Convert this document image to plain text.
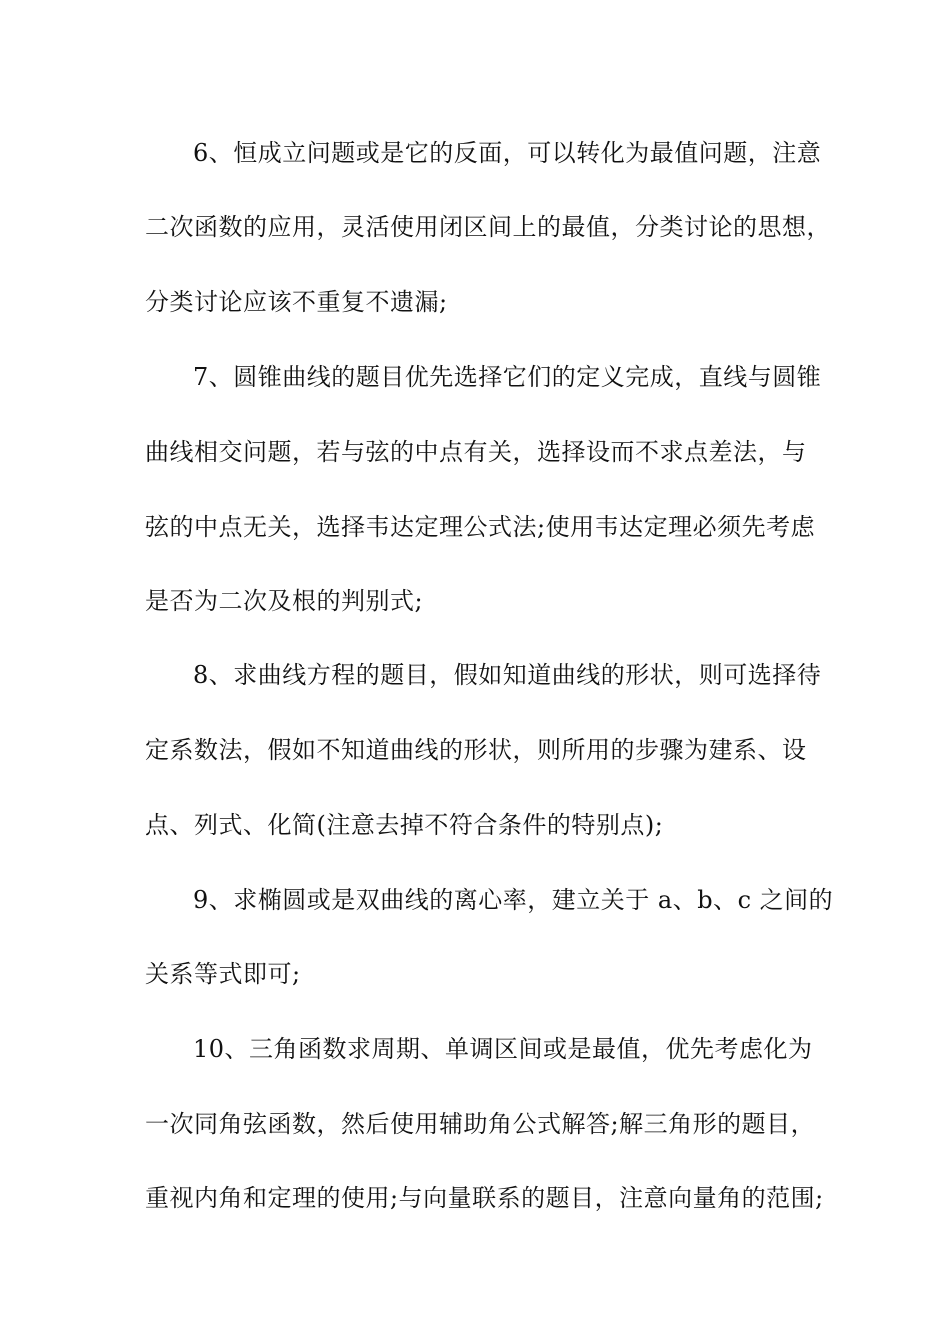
6、恒成立问题或是它的反面，可以转化为最值问题，注意
二次函数的应用，灵活使用闭区间上的最值，分类讨论的思想，
分类讨论应该不重复不遗漏;
7、圆锥曲线的题目优先选择它们的定义完成，直线与圆锥
曲线相交问题，若与弦的中点有关，选择设而不求点差法，与
弦的中点无关，选择韦达定理公式法;使用韦达定理必须先考虑
是否为二次及根的判别式;
8、求曲线方程的题目，假如知道曲线的形状，则可选择待
定系数法，假如不知道曲线的形状，则所用的步骤为建系、设
点、列式、化简(注意去掉不符合条件的特别点);
9、求椭圆或是双曲线的离心率，建立关于 a、b、c 之间的
关系等式即可;
10、三角函数求周期、单调区间或是最值，优先考虑化为
一次同角弦函数，然后使用辅助角公式解答;解三角形的题目，
重视内角和定理的使用;与向量联系的题目，注意向量角的范围;
